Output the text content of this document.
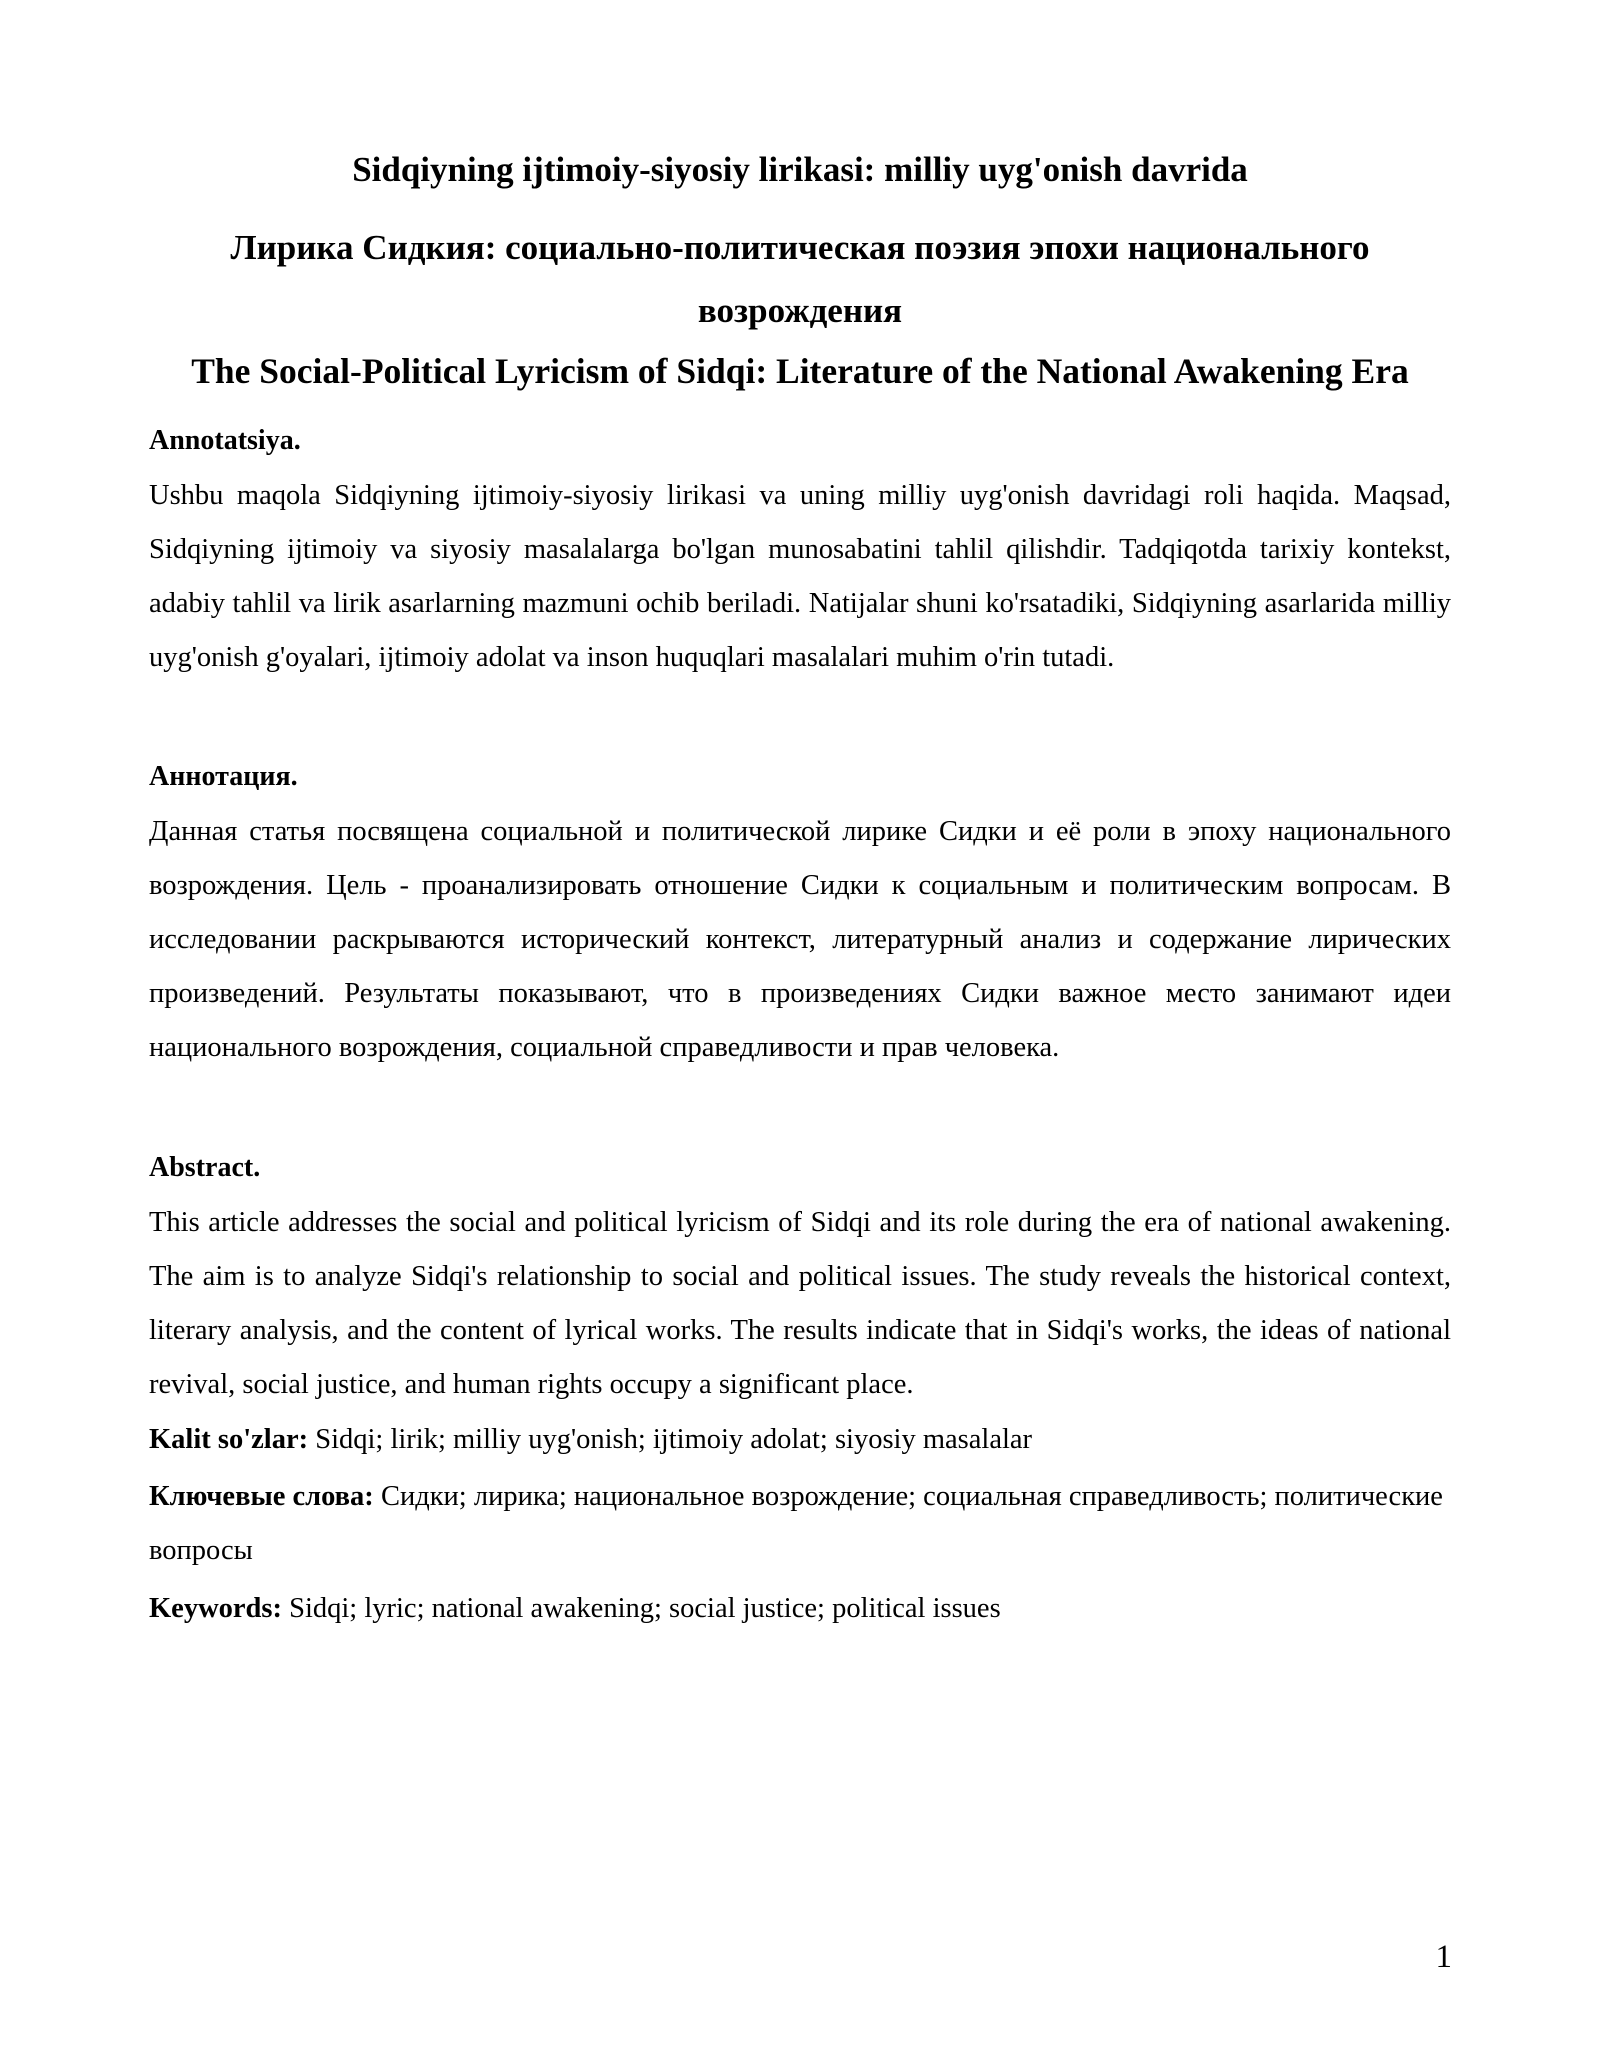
Sidqiyning ijtimoiy-siyosiy lirikasi: milliy uyg'onish davrida
Лирика Сидкия: социально-политическая поэзия эпохи национального возрождения
The Social-Political Lyricism of Sidqi: Literature of the National Awakening Era
Annotatsiya.

Ushbu maqola Sidqiyning ijtimoiy-siyosiy lirikasi va uning milliy uyg'onish davridagi roli haqida. Maqsad, Sidqiyning ijtimoiy va siyosiy masalalarga bo'lgan munosabatini tahlil qilishdir. Tadqiqotda tarixiy kontekst, adabiy tahlil va lirik asarlarning mazmuni ochib beriladi. Natijalar shuni ko'rsatadiki, Sidqiyning asarlarida milliy uyg'onish g'oyalari, ijtimoiy adolat va inson huquqlari masalalari muhim o'rin tutadi.

Аннотация.

Данная статья посвящена социальной и политической лирике Сидки и её роли в эпоху национального возрождения. Цель - проанализировать отношение Сидки к социальным и политическим вопросам. В исследовании раскрываются исторический контекст, литературный анализ и содержание лирических произведений. Результаты показывают, что в произведениях Сидки важное место занимают идеи национального возрождения, социальной справедливости и прав человека.

Abstract.

This article addresses the social and political lyricism of Sidqi and its role during the era of national awakening. The aim is to analyze Sidqi's relationship to social and political issues. The study reveals the historical context, literary analysis, and the content of lyrical works. The results indicate that in Sidqi's works, the ideas of national revival, social justice, and human rights occupy a significant place.

Kalit so'zlar: Sidqi; lirik; milliy uyg'onish; ijtimoiy adolat; siyosiy masalalar

Ключевые слова: Сидки; лирика; национальное возрождение; социальная справедливость; политические вопросы

Keywords: Sidqi; lyric; national awakening; social justice; political issues

1
